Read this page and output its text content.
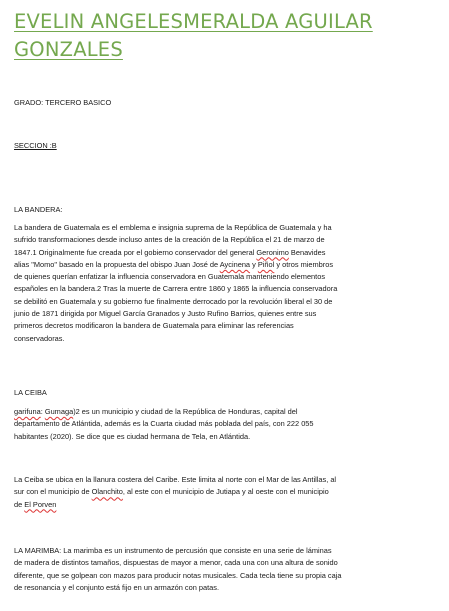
EVELIN ANGELESMERALDA AGUILAR GONZALES

GRADO: TERCERO BASICO

SECCION :B

LA BANDERA:

La bandera de Guatemala es el emblema e insignia suprema de la República de Guatemala y ha
sufrido transformaciones desde incluso antes de la creación de la República el 21 de marzo de
1847.1 Originalmente fue creada por el gobierno conservador del general Geronimo Benavides
alias "Momo" basado en la propuesta del obispo Juan José de Aycinena y Piñol y otros miembros
de quienes querían enfatizar la influencia conservadora en Guatemala manteniendo elementos
españoles en la bandera.2 Tras la muerte de Carrera entre 1860 y 1865 la influencia conservadora
se debilitó en Guatemala y su gobierno fue finalmente derrocado por la revolución liberal el 30 de
junio de 1871 dirigida por Miguel García Granados y Justo Rufino Barrios, quienes entre sus
primeros decretos modificaron la bandera de Guatemala para eliminar las referencias
conservadoras.

LA CEIBA

garifuna: Gumaga)2 es un municipio y ciudad de la República de Honduras, capital del
departamento de Atlántida, además es la Cuarta ciudad más poblada del país, con 222 055
habitantes (2020). Se dice que es ciudad hermana de Tela, en Atlántida.

La Ceiba se ubica en la llanura costera del Caribe. Este limita al norte con el Mar de las Antillas, al
sur con el municipio de Olanchito, al este con el municipio de Jutiapa y al oeste con el municipio
de El Porven

LA MARIMBA: La marimba es un instrumento de percusión que consiste en una serie de láminas
de madera de distintos tamaños, dispuestas de mayor a menor, cada una con una altura de sonido
diferente, que se golpean con mazos para producir notas musicales. Cada tecla tiene su propia caja
de resonancia y el conjunto está fijo en un armazón con patas.
